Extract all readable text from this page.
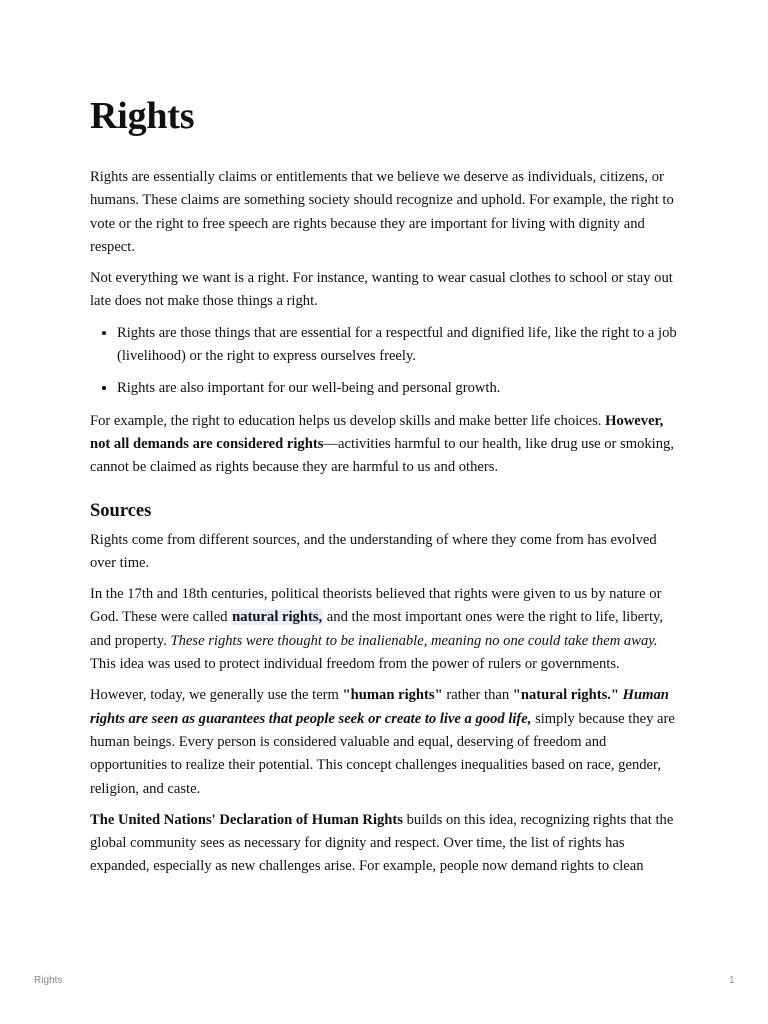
Rights

Rights are essentially claims or entitlements that we believe we deserve as individuals, citizens, or humans. These claims are something society should recognize and uphold. For example, the right to vote or the right to free speech are rights because they are important for living with dignity and respect.

Not everything we want is a right. For instance, wanting to wear casual clothes to school or stay out late does not make those things a right.

• Rights are those things that are essential for a respectful and dignified life, like the right to a job (livelihood) or the right to express ourselves freely.
• Rights are also important for our well-being and personal growth.

For example, the right to education helps us develop skills and make better life choices. However, not all demands are considered rights—activities harmful to our health, like drug use or smoking, cannot be claimed as rights because they are harmful to us and others.

Sources

Rights come from different sources, and the understanding of where they come from has evolved over time.

In the 17th and 18th centuries, political theorists believed that rights were given to us by nature or God. These were called natural rights, and the most important ones were the right to life, liberty, and property. These rights were thought to be inalienable, meaning no one could take them away. This idea was used to protect individual freedom from the power of rulers or governments.

However, today, we generally use the term "human rights" rather than "natural rights." Human rights are seen as guarantees that people seek or create to live a good life, simply because they are human beings. Every person is considered valuable and equal, deserving of freedom and opportunities to realize their potential. This concept challenges inequalities based on race, gender, religion, and caste.

The United Nations' Declaration of Human Rights builds on this idea, recognizing rights that the global community sees as necessary for dignity and respect. Over time, the list of rights has expanded, especially as new challenges arise. For example, people now demand rights to clean

Rights	1
